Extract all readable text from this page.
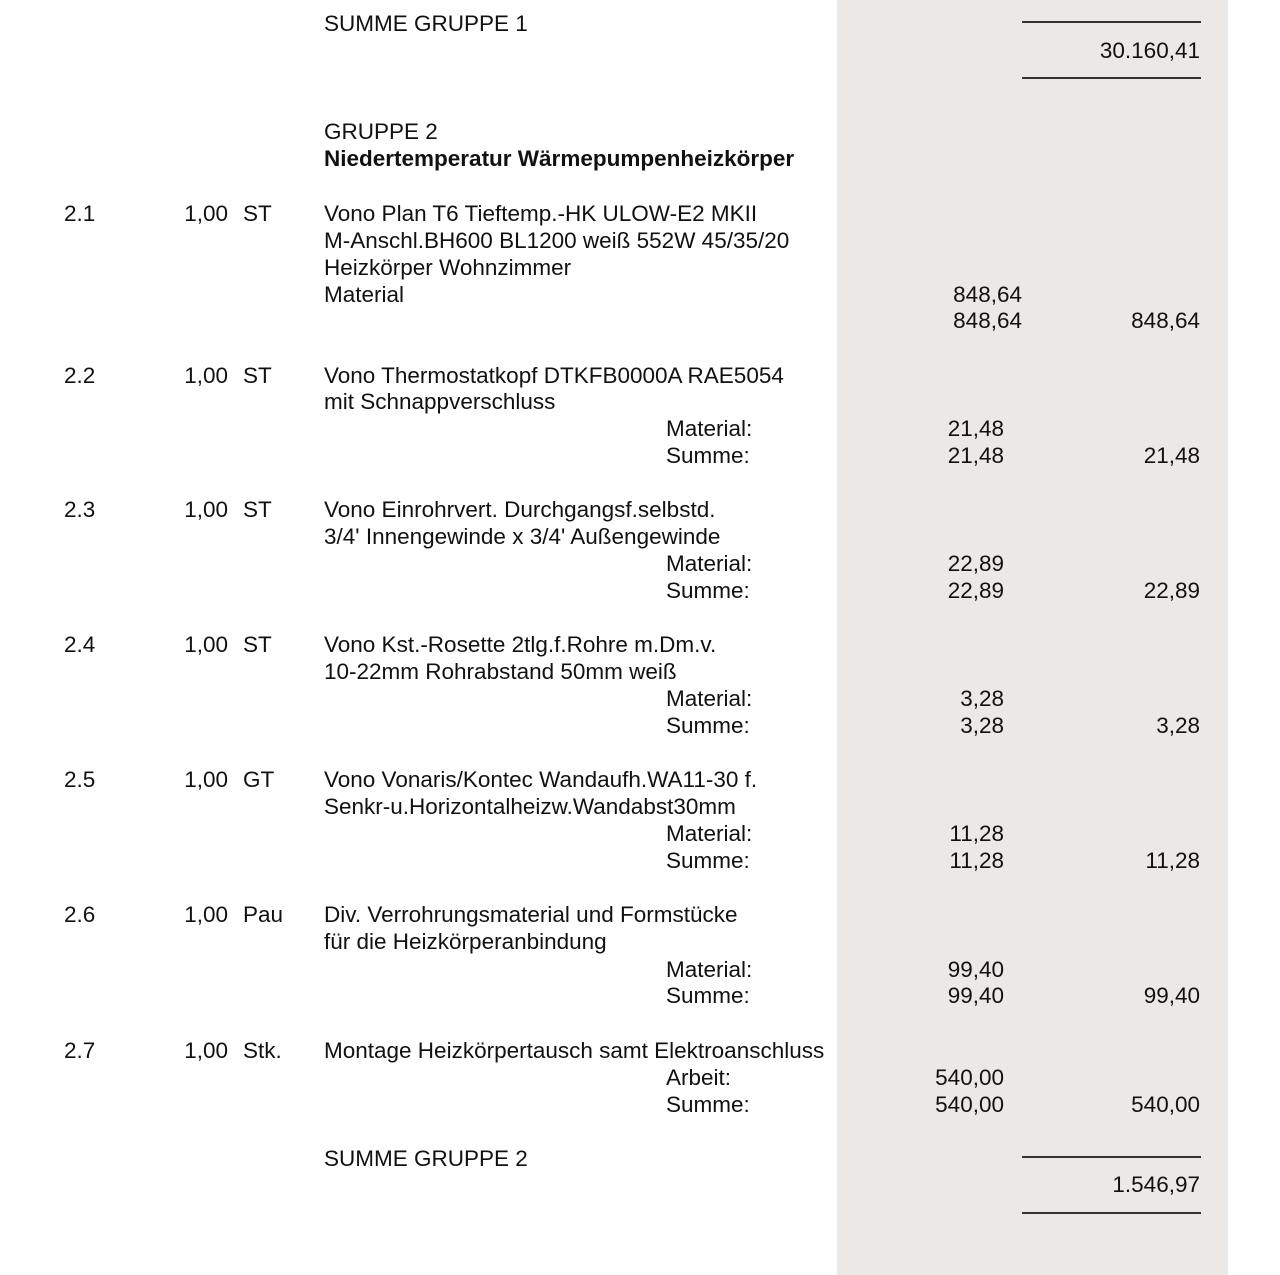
SUMME GRUPPE 1
30.160,41
GRUPPE 2
Niedertemperatur Wärmepumpenheizkörper
2.1	1,00 ST Vono Plan T6 Tieftemp.-HK ULOW-E2 MKII
M-Anschl.BH600 BL1200 weiß 552W 45/35/20
Heizkörper Wohnzimmer
Material	848,64
848,64	848,64
2.2	1,00 ST Vono Thermostatkopf DTKFB0000A RAE5054
mit Schnappverschluss
Material:	21,48
Summe:	21,48	21,48
2.3	1,00 ST Vono Einrohrvert. Durchgangsf.selbstd.
3/4' Innengewinde x 3/4' Außengewinde
Material:	22,89
Summe:	22,89	22,89
2.4	1,00 ST Vono Kst.-Rosette 2tlg.f.Rohre m.Dm.v.
10-22mm Rohrabstand 50mm weiß
Material:	3,28
Summe:	3,28	3,28
2.5	1,00 GT Vono Vonaris/Kontec Wandaufh.WA11-30 f.
Senkr-u.Horizontalheizw.Wandabst30mm
Material:	11,28
Summe:	11,28	11,28
2.6	1,00 Pau Div. Verrohrungsmaterial und Formstücke
für die Heizkörperanbindung
Material:	99,40
Summe:	99,40	99,40
2.7	1,00 Stk. Montage Heizkörpertausch samt Elektroanschluss
Arbeit:	540,00
Summe:	540,00	540,00
SUMME GRUPPE 2
1.546,97
